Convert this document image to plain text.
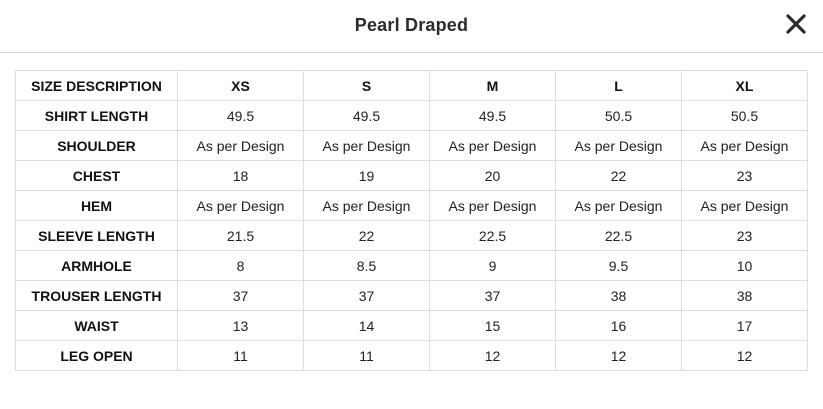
Pearl Draped
SIZE DESCRIPTION	XS	S	M	L	XL
SHIRT LENGTH	49.5	49.5	49.5	50.5	50.5
SHOULDER	As per Design	As per Design	As per Design	As per Design	As per Design
CHEST	18	19	20	22	23
HEM	As per Design	As per Design	As per Design	As per Design	As per Design
SLEEVE LENGTH	21.5	22	22.5	22.5	23
ARMHOLE	8	8.5	9	9.5	10
TROUSER LENGTH	37	37	37	38	38
WAIST	13	14	15	16	17
LEG OPEN	11	11	12	12	12
